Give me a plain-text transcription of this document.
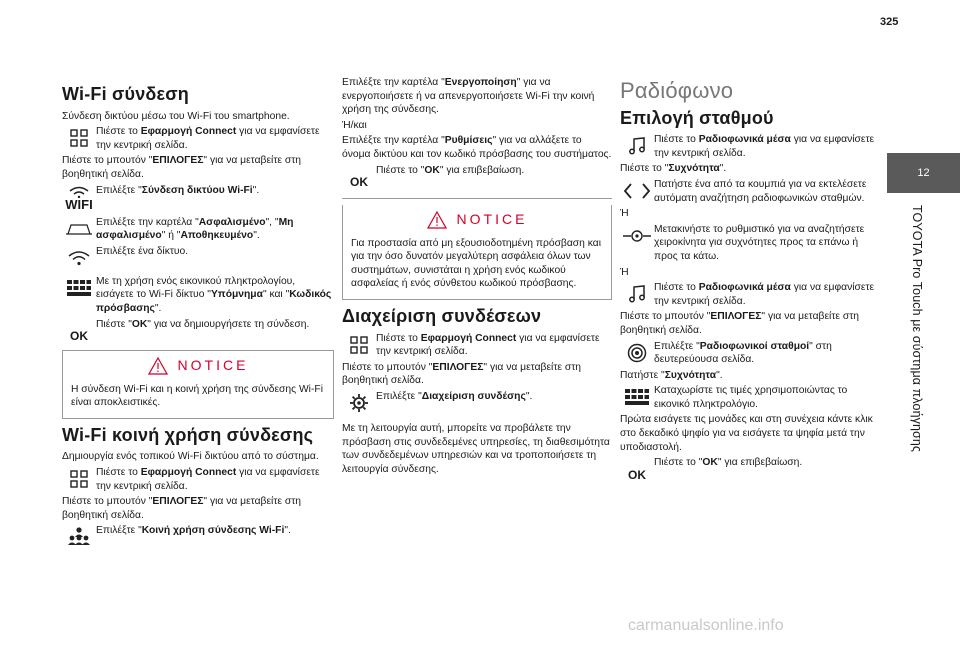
325
12
TOYOTA Pro Touch με σύστημα πλοήγησης
Wi-Fi σύνδεση

Σύνδεση δικτύου μέσω του Wi-Fi του smartphone.

Πιέστε το Εφαρμογή Connect για να εμφανίσετε την κεντρική σελίδα.

Πιέστε το μπουτόν "ΕΠΙΛΟΓΕΣ" για να μεταβείτε στη βοηθητική σελίδα.

WIFI
Επιλέξτε "Σύνδεση δικτύου Wi-Fi".
Επιλέξτε την καρτέλα "Ασφαλισμένο", "Μη ασφαλισμένο" ή "Αποθηκευμένο".
Επιλέξτε ένα δίκτυο.
Με τη χρήση ενός εικονικού πληκτρολογίου, εισάγετε το Wi-Fi δίκτυο "Υπόμνημα" και "Κωδικός πρόσβασης".
OK
Πιέστε "OK" για να δημιουργήσετε τη σύνδεση.
NOTICE

Η σύνδεση Wi-Fi και η κοινή χρήση της σύνδεσης Wi-Fi είναι αποκλειστικές.

Wi-Fi κοινή χρήση σύνδεσης

Δημιουργία ενός τοπικού Wi-Fi δικτύου από το σύστημα.

Πιέστε το Εφαρμογή Connect για να εμφανίσετε την κεντρική σελίδα.

Πιέστε το μπουτόν "ΕΠΙΛΟΓΕΣ" για να μεταβείτε στη βοηθητική σελίδα.

Επιλέξτε "Κοινή χρήση σύνδεσης Wi-Fi".

Επιλέξτε την καρτέλα "Ενεργοποίηση" για να ενεργοποιήσετε ή να απενεργοποιήσετε Wi-Fi την κοινή χρήση της σύνδεσης.

Ή/και

Επιλέξτε την καρτέλα "Ρυθμίσεις" για να αλλάξετε το όνομα δικτύου και τον κωδικό πρόσβασης του συστήματος.

OK
Πιέστε το "OK" για επιβεβαίωση.
NOTICE

Για προστασία από μη εξουσιοδοτημένη πρόσβαση και για την όσο δυνατόν μεγαλύτερη ασφάλεια όλων των συστημάτων, συνιστάται η χρήση ενός κωδικού ασφαλείας ή ενός σύνθετου κωδικού πρόσβασης.

Διαχείριση συνδέσεων
Πιέστε το Εφαρμογή Connect για να εμφανίσετε την κεντρική σελίδα.

Πιέστε το μπουτόν "ΕΠΙΛΟΓΕΣ" για να μεταβείτε στη βοηθητική σελίδα.

Επιλέξτε "Διαχείριση συνδέσης".

Με τη λειτουργία αυτή, μπορείτε να προβάλετε την πρόσβαση στις συνδεδεμένες υπηρεσίες, τη διαθεσιμότητα των συνδεδεμένων υπηρεσιών και να τροποποιήσετε τη λειτουργία σύνδεσης.

Ραδιόφωνο
Επιλογή σταθμού
Πιέστε το Ραδιοφωνικά μέσα για να εμφανίσετε την κεντρική σελίδα.

Πιέστε το "Συχνότητα".

Πατήστε ένα από τα κουμπιά για να εκτελέσετε αυτόματη αναζήτηση ραδιοφωνικών σταθμών.

Ή

Μετακινήστε το ρυθμιστικό για να αναζητήσετε χειροκίνητα για συχνότητες προς τα επάνω ή προς τα κάτω.

Ή

Πιέστε το Ραδιοφωνικά μέσα για να εμφανίσετε την κεντρική σελίδα.

Πιέστε το μπουτόν "ΕΠΙΛΟΓΕΣ" για να μεταβείτε στη βοηθητική σελίδα.

Επιλέξτε "Ραδιοφωνικοί σταθμοί" στη δευτερεύουσα σελίδα.

Πατήστε "Συχνότητα".

Καταχωρίστε τις τιμές χρησιμοποιώντας το εικονικό πληκτρολόγιο.

Πρώτα εισάγετε τις μονάδες και στη συνέχεια κάντε κλικ στο δεκαδικό ψηφίο για να εισάγετε τα ψηφία μετά την υποδιαστολή.

OK
Πιέστε το "OK" για επιβεβαίωση.
carmanualsonline.info
